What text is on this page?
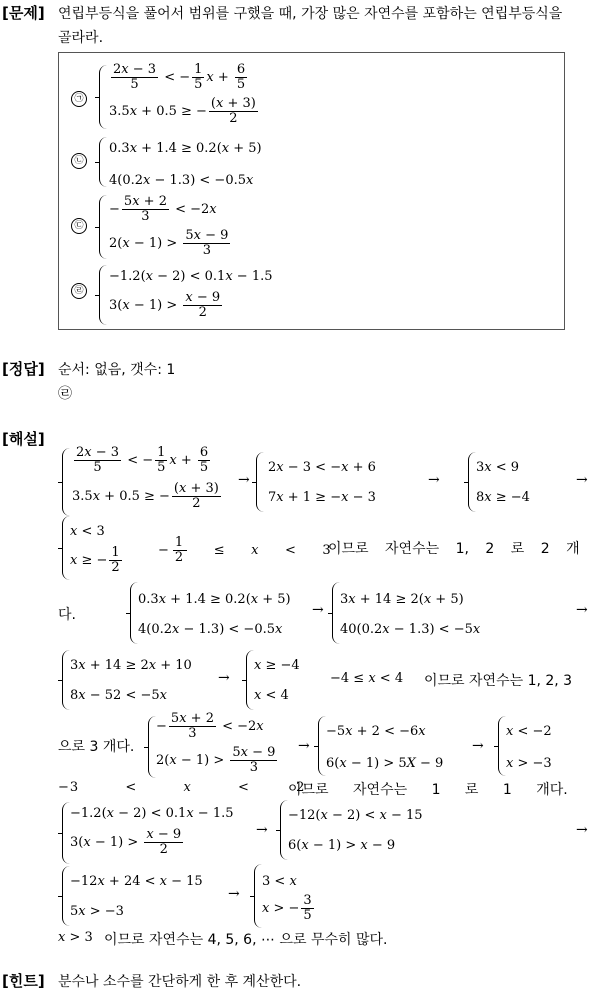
[문제] 연립부등식을 풀어서 범위를 구했을 때, 가장 많은 자연수를 포함하는 연립부등식을
골라라.
㉠
$\frac{2x - 3}{5}$ < − $\frac{1}{5}$ $x + \frac{6}{5}$
3.5x + 0.5 ≥ − $\frac{(x + 3)}{2}$
㉡
0.3x + 1.4 ≥ 0.2(x + 5)
4(0.2x − 1.3) < −0.5x
㉢
− $\frac{5x + 2}{3} < -2x$
$2(x - 1) > \frac{5x - 9}{3}$
㉣
−1.2(x − 2) < 0.1x − 1.5
$3(x - 1) > \frac{x - 9}{2}$
[정답] 순서: 없음, 갯수: 1
㉣
[해설]
$\frac{2x - 3}{5}$ < − $\frac{1}{5}$ $x + \frac{6}{5}$
3.5x + 0.5 ≥ − $\frac{(x + 3)}{2}$
→
2x − 3 < −x + 6
7x + 1 ≥ −x − 3
→
3x < 9
8x ≥ −4
→
x < 3
x ≥ − $\frac{1}{2}$	− $\frac{1}{2}$ ≤    x    <    3
이므로 자연수는 1, 2 로 2 개
다.
0.3x + 1.4 ≥ 0.2(x + 5)
4(0.2x − 1.3) < −0.5x
→
3x + 14 ≥ 2(x + 5)
40(0.2x − 1.3) < −5x
→
3x + 14 ≥ 2x + 10
8x − 52 < −5x
→
x ≥ −4
x < 4
−4 ≤ x < 4 이므로 자연수는 1, 2, 3
으로 3 개다.
− $\frac{5x + 2}{3} < -2x$
$2(x - 1) > \frac{5x - 9}{3}$ →
−5x + 2 < −6x
6(x − 1) > 5X − 9
→
x < −2
x > −3
−3         <         x         <         2
이므로 자연수는 1 로 1 개다.
−1.2(x − 2) < 0.1x − 1.5
$3(x - 1) > \frac{x - 9}{2}$	→
−12(x − 2) < x − 15
6(x − 1) > x − 9
→
−12x + 24 < x − 15
5x > −3
→
3 < x
x > − $\frac{3}{5}$
x > 3 이므로 자연수는 4, 5, 6, ⋯ 으로 무수히 많다.
[힌트] 분수나 소수를 간단하게 한 후 계산한다.
